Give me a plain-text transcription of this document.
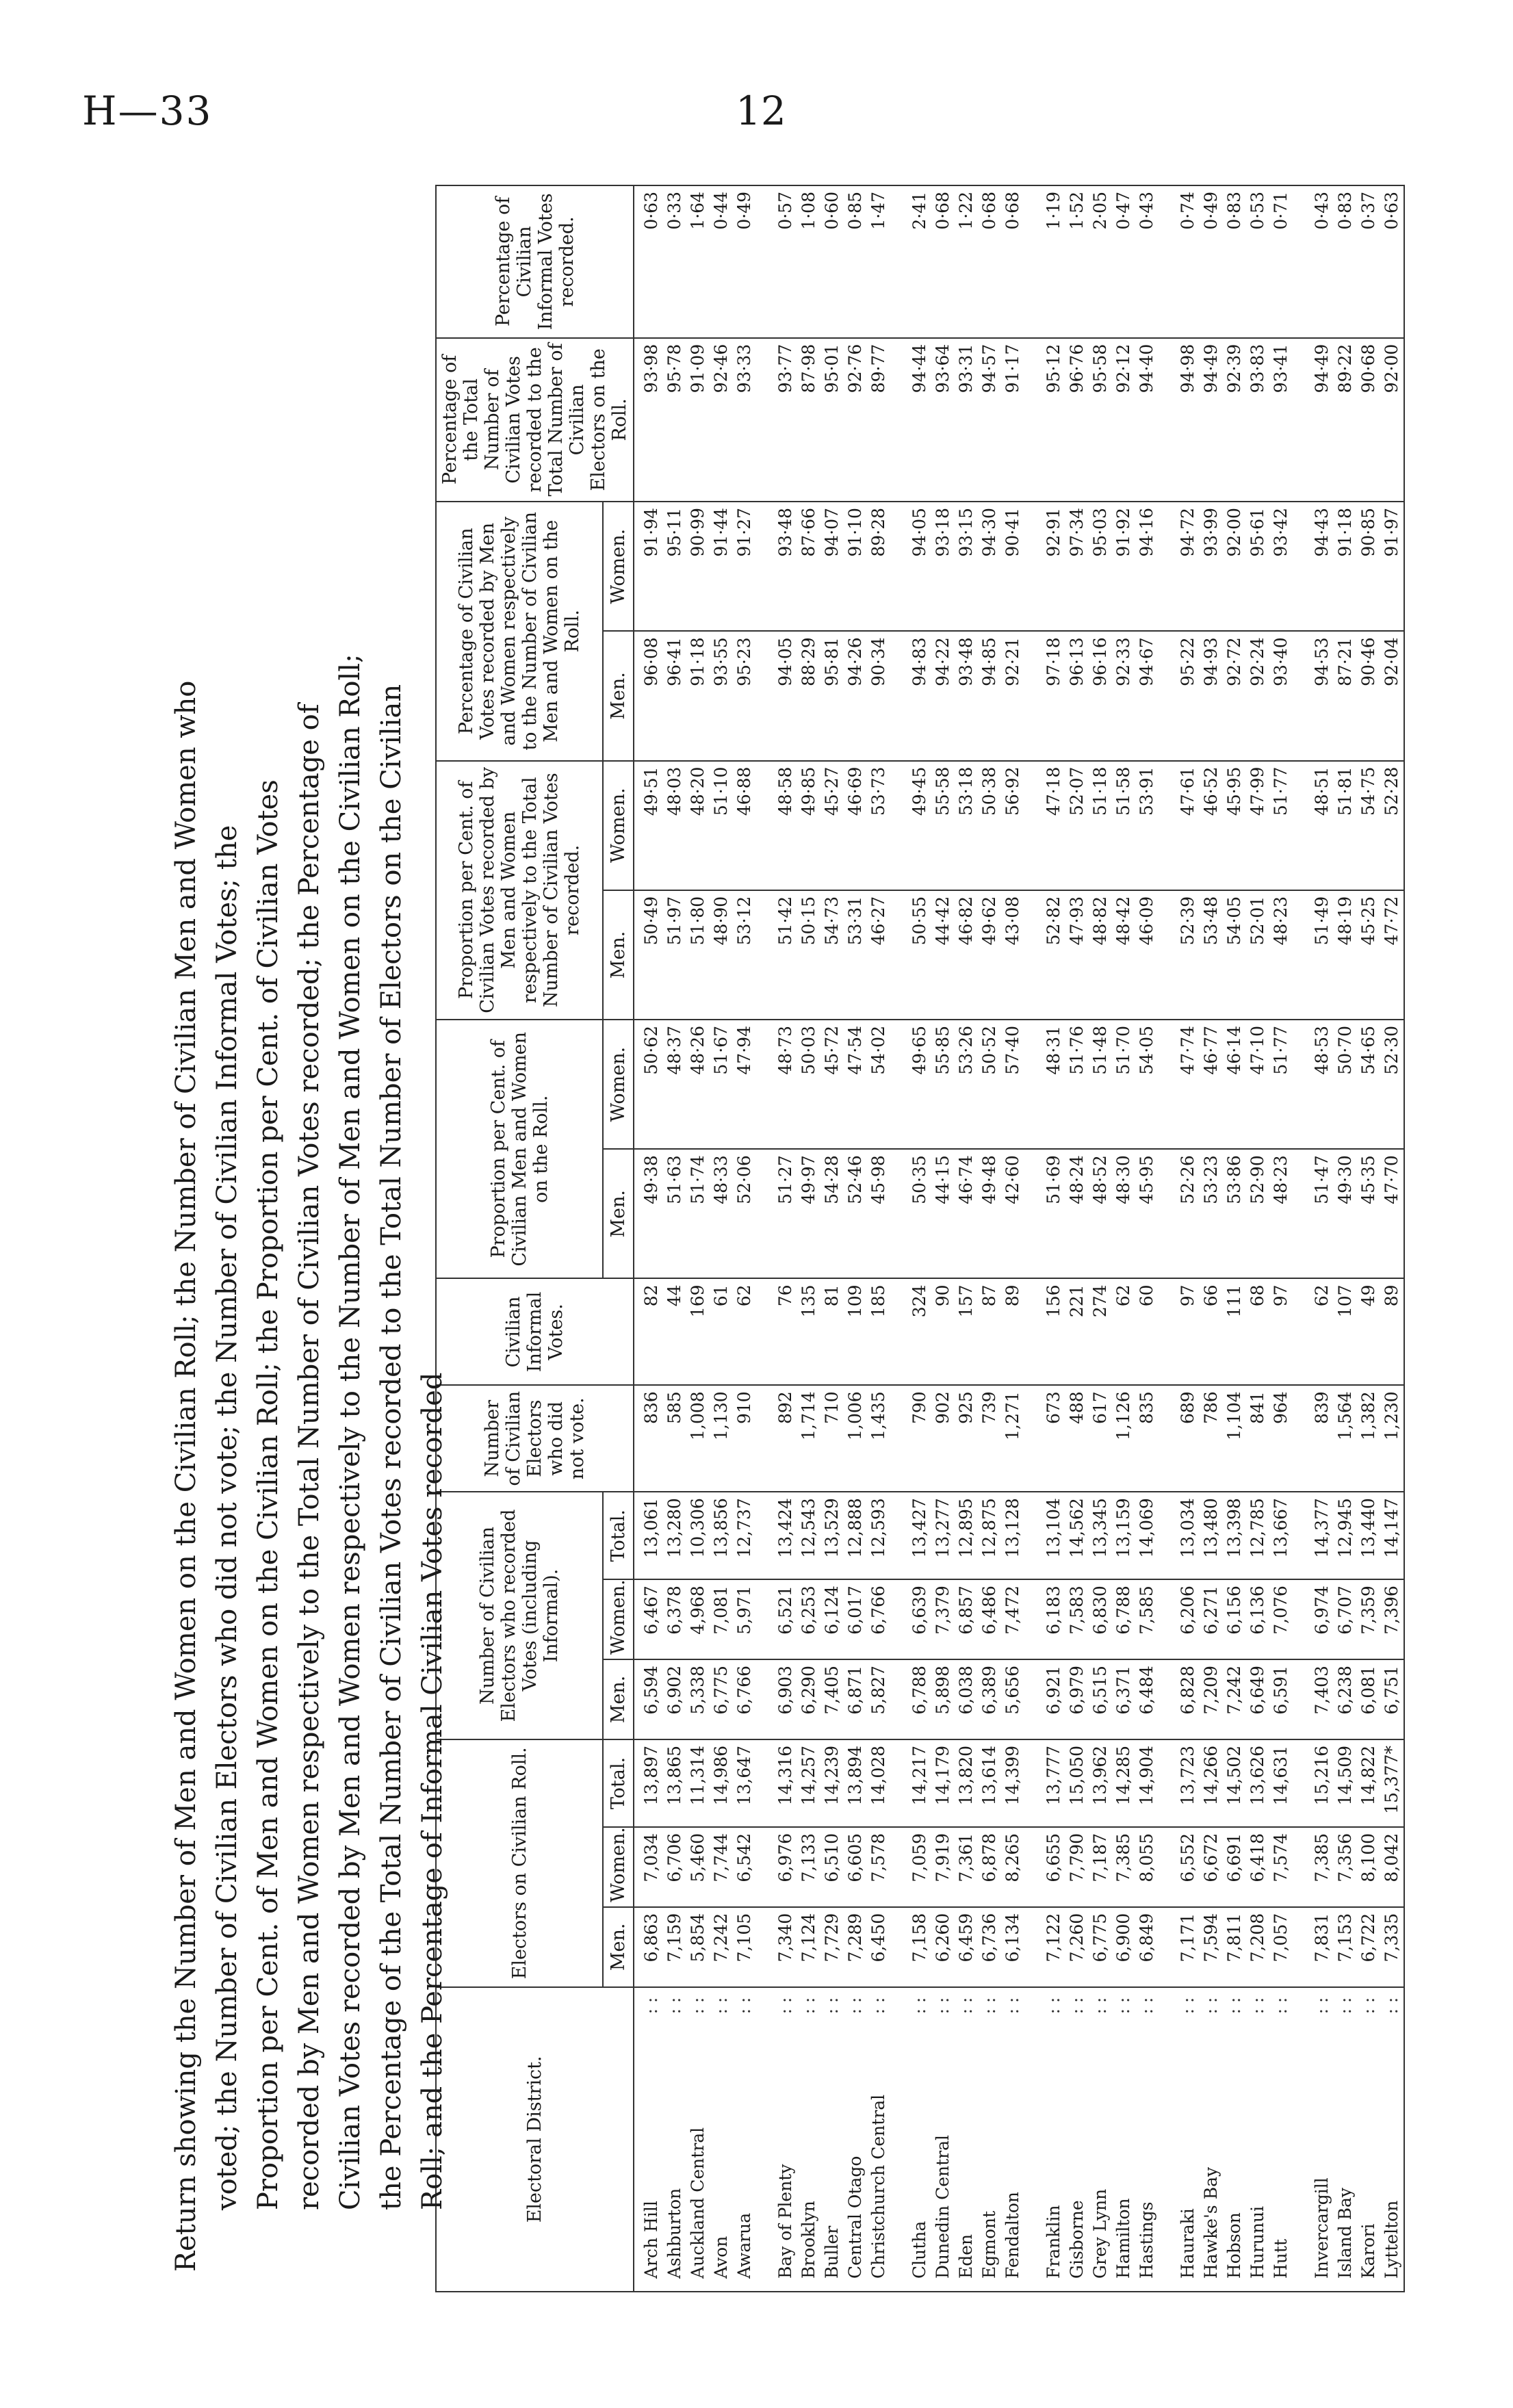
H—33	12
Return showing the Number of Men and Women on the Civilian Roll; the Number of Civilian Men and Women who voted; the Number of Civilian Electors who did not vote; the Number of Civilian Informal Votes; the Proportion per Cent. of Men and Women on the Civilian Roll; the Proportion per Cent. of Civilian Votes recorded by Men and Women respectively to the Total Number of Civilian Votes recorded; the Percentage of Civilian Votes recorded by Men and Women respectively to the Number of Men and Women on the Civilian Roll; the Percentage of the Total Number of Civilian Votes recorded to the Total Number of Electors on the Civilian Roll; and the Percentage of Informal Civilian Votes recorded	Electoral District.	Electors on Civilian Roll.			Number of Civilian Electors who recorded Votes (including Informal).			Number of Civilian Electors who did not vote.	Civilian Informal Votes.	Proportion per Cent. of Civilian Men and Women on the Roll.		Proportion per Cent. of Civilian Votes recorded by Men and Women respectively to the Total Number of Civilian Votes recorded.		Percentage of Civilian Votes recorded by Men and Women respectively to the Number of Civilian Men and Women on the Roll.		Percentage of the Total Number of Civilian Votes recorded to the Total Number of Civilian Electors on the Roll.	Percentage of Civilian Informal Votes recorded.
	Men.	Women.	Total.	Men.	Women.	Total.			Men.	Women.	Men.	Women.	Men.	Women.		
Arch Hill
: :	6,863	7,034	13,897	6,594	6,467	13,061	836	82	49·38	50·62	50·49	49·51	96·08	91·94	93·98	0·63
Ashburton
: :	7,159	6,706	13,865	6,902	6,378	13,280	585	44	51·63	48·37	51·97	48·03	96·41	95·11	95·78	0·33
Auckland Central
: :	5,854	5,460	11,314	5,338	4,968	10,306	1,008	169	51·74	48·26	51·80	48·20	91·18	90·99	91·09	1·64
Avon
: :	7,242	7,744	14,986	6,775	7,081	13,856	1,130	61	48·33	51·67	48·90	51·10	93·55	91·44	92·46	0·44
Awarua
: :	7,105	6,542	13,647	6,766	5,971	12,737	910	62	52·06	47·94	53·12	46·88	95·23	91·27	93·33	0·49

Bay of Plenty
: :	7,340	6,976	14,316	6,903	6,521	13,424	892	76	51·27	48·73	51·42	48·58	94·05	93·48	93·77	0·57
Brooklyn
: :	7,124	7,133	14,257	6,290	6,253	12,543	1,714	135	49·97	50·03	50·15	49·85	88·29	87·66	87·98	1·08
Buller
: :	7,729	6,510	14,239	7,405	6,124	13,529	710	81	54·28	45·72	54·73	45·27	95·81	94·07	95·01	0·60
Central Otago
: :	7,289	6,605	13,894	6,871	6,017	12,888	1,006	109	52·46	47·54	53·31	46·69	94·26	91·10	92·76	0·85
Christchurch Central
: :	6,450	7,578	14,028	5,827	6,766	12,593	1,435	185	45·98	54·02	46·27	53·73	90·34	89·28	89·77	1·47

Clutha
: :	7,158	7,059	14,217	6,788	6,639	13,427	790	324	50·35	49·65	50·55	49·45	94·83	94·05	94·44	2·41
Dunedin Central
: :	6,260	7,919	14,179	5,898	7,379	13,277	902	90	44·15	55·85	44·42	55·58	94·22	93·18	93·64	0·68
Eden
: :	6,459	7,361	13,820	6,038	6,857	12,895	925	157	46·74	53·26	46·82	53·18	93·48	93·15	93·31	1·22
Egmont
: :	6,736	6,878	13,614	6,389	6,486	12,875	739	87	49·48	50·52	49·62	50·38	94·85	94·30	94·57	0·68
Fendalton
: :	6,134	8,265	14,399	5,656	7,472	13,128	1,271	89	42·60	57·40	43·08	56·92	92·21	90·41	91·17	0·68

Franklin
: :	7,122	6,655	13,777	6,921	6,183	13,104	673	156	51·69	48·31	52·82	47·18	97·18	92·91	95·12	1·19
Gisborne
: :	7,260	7,790	15,050	6,979	7,583	14,562	488	221	48·24	51·76	47·93	52·07	96·13	97·34	96·76	1·52
Grey Lynn
: :	6,775	7,187	13,962	6,515	6,830	13,345	617	274	48·52	51·48	48·82	51·18	96·16	95·03	95·58	2·05
Hamilton
: :	6,900	7,385	14,285	6,371	6,788	13,159	1,126	62	48·30	51·70	48·42	51·58	92·33	91·92	92·12	0·47
Hastings
: :	6,849	8,055	14,904	6,484	7,585	14,069	835	60	45·95	54·05	46·09	53·91	94·67	94·16	94·40	0·43

Hauraki
: :	7,171	6,552	13,723	6,828	6,206	13,034	689	97	52·26	47·74	52·39	47·61	95·22	94·72	94·98	0·74
Hawke's Bay
: :	7,594	6,672	14,266	7,209	6,271	13,480	786	66	53·23	46·77	53·48	46·52	94·93	93·99	94·49	0·49
Hobson
: :	7,811	6,691	14,502	7,242	6,156	13,398	1,104	111	53·86	46·14	54·05	45·95	92·72	92·00	92·39	0·83
Hurunui
: :	7,208	6,418	13,626	6,649	6,136	12,785	841	68	52·90	47·10	52·01	47·99	92·24	95·61	93·83	0·53
Hutt
: :	7,057	7,574	14,631	6,591	7,076	13,667	964	97	48·23	51·77	48·23	51·77	93·40	93·42	93·41	0·71

Invercargill
: :	7,831	7,385	15,216	7,403	6,974	14,377	839	62	51·47	48·53	51·49	48·51	94·53	94·43	94·49	0·43
Island Bay
: :	7,153	7,356	14,509	6,238	6,707	12,945	1,564	107	49·30	50·70	48·19	51·81	87·21	91·18	89·22	0·83
Karori
: :	6,722	8,100	14,822	6,081	7,359	13,440	1,382	49	45·35	54·65	45·25	54·75	90·46	90·85	90·68	0·37
Lyttelton
: :	7,335	8,042	15,377*	6,751	7,396	14,147	1,230	89	47·70	52·30	47·72	52·28	92·04	91·97	92·00	0·63
